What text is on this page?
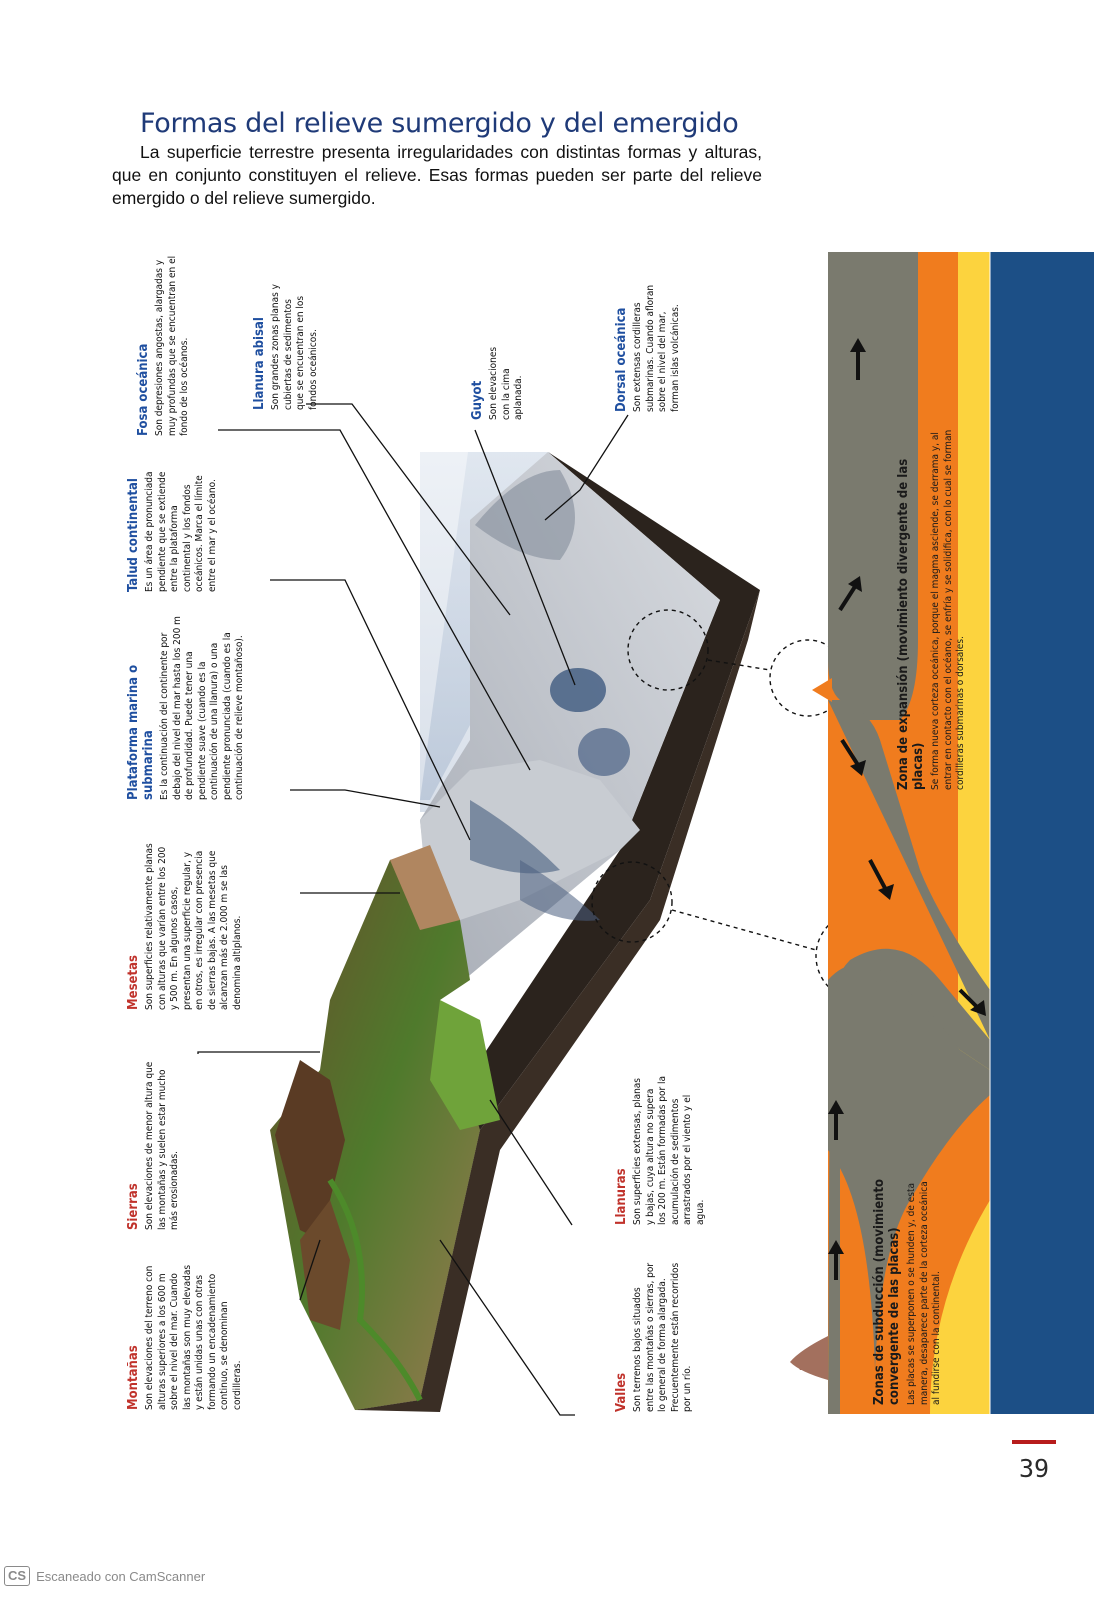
Formas del relieve sumergido y del emergido

La superficie terrestre presenta irregularidades con distintas formas y alturas, que en conjunto constituyen el relieve. Esas formas pueden ser parte del relieve emergido o del relieve sumergido.

Fosa oceánica Son depresiones angostas, alargadas y muy profundas que se encuentran en el fondo de los océanos.	Llanura abisal Son grandes zonas planas y cubiertas de sedimentos que se encuentran en los fondos oceánicos.	Guyot Son elevaciones con la cima aplanada.	Dorsal oceánica Son extensas cordilleras submarinas. Cuando afloran sobre el nivel del mar, forman islas volcánicas.

Talud continental Es un área de pronunciada pendiente que se extiende entre la plataforma continental y los fondos oceánicos. Marca el límite entre el mar y el océano.

Plataforma marina o submarina Es la continuación del continente por debajo del nivel del mar hasta los 200 m de profundidad. Puede tener una pendiente suave (cuando es la continuación de una llanura) o una pendiente pronunciada (cuando es la continuación de relieve montañoso).

Mesetas Son superficies relativamente planas con alturas que varían entre los 200 y 500 m. En algunos casos, presentan una superficie regular, y en otros, es irregular con presencia de sierras bajas. A las mesetas que alcanzan más de 2.000 m se las denomina altiplanos.

Sierras Son elevaciones de menor altura que las montañas y suelen estar mucho más erosionadas.

Montañas Son elevaciones del terreno con alturas superiores a los 600 m sobre el nivel del mar. Cuando las montañas son muy elevadas y están unidas unas con otras formando un encadenamiento continuo, se denominan cordilleras.

Llanuras Son superficies extensas, planas y bajas, cuya altura no supera los 200 m. Están formadas por la acumulación de sedimentos arrastrados por el viento y el agua.

Valles Son terrenos bajos situados entre las montañas o sierras, por lo general de forma alargada. Frecuentemente están recorridos por un río.

Zona de expansión (movimiento divergente de las placas) Se forma nueva corteza oceánica, porque el magma asciende, se derrama y, al entrar en contacto con el océano, se enfría y se solidifica, con lo cual se forman cordilleras submarinas o dorsales.

Zonas de subducción (movimiento convergente de las placas) Las placas se superponen o se hunden y, de esta manera, desaparece parte de la corteza oceánica al fundirse con la continental.

39
CS Escaneado con CamScanner
